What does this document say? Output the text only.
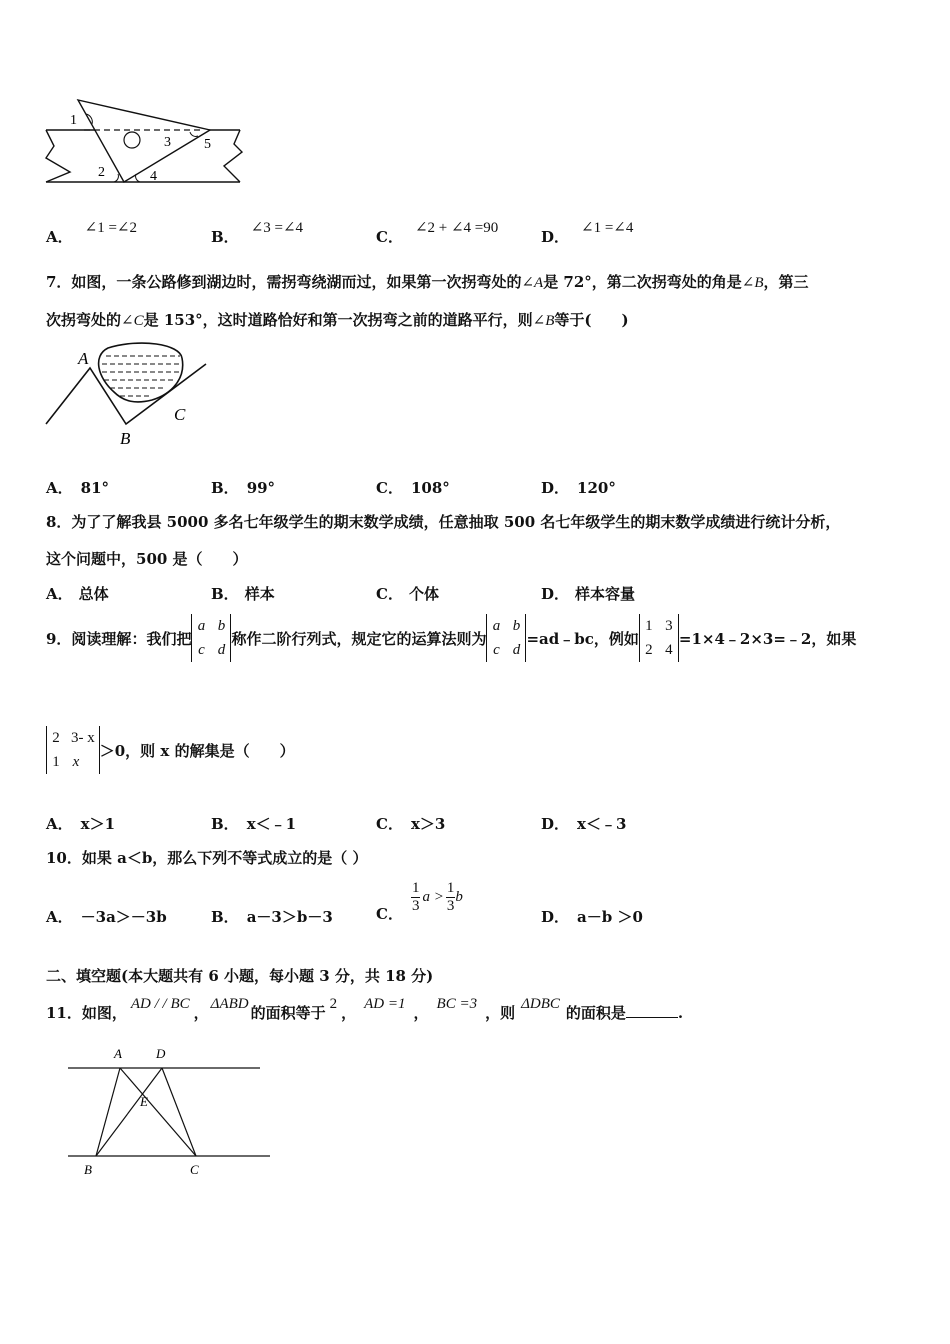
1
2
3
4
5
A． ∠1 =∠2	B． ∠3 =∠4	C． ∠2 + ∠4 =90	D． ∠1 =∠4
7．如图，一条公路修到湖边时，需拐弯绕湖而过，如果第一次拐弯处的∠A是 72°，第二次拐弯处的角是∠B，第三
次拐弯处的∠C是 153°，这时道路恰好和第一次拐弯之前的道路平行，则∠B等于(　　)
A
B
C
A． 81°	B． 99°	C． 108°	D． 120°
8．为了了解我县 5000 多名七年级学生的期末数学成绩，任意抽取 500 名七年级学生的期末数学成绩进行统计分析，
这个问题中，500 是（　　）
A． 总体	B． 样本	C． 个体	D． 样本容量
9．阅读理解：我们把
a b
c d
称作二阶行列式，规定它的运算法则为
a b
c d
=ad﹣bc，例如
1 3
2 4
=1×4﹣2×3=﹣2，如果
2 3- x
1 x
＞0，则 x 的解集是（　　）
A． x＞1	B． x＜﹣1	C． x＞3	D． x＜﹣3
10．如果 a＜b，那么下列不等式成立的是（ ）
A． －3a＞－3b	B． a－3＞b－3	C． $\frac{1}{3}$ $a > \frac{1}{3}$ b
D． a－b ＞0
二、填空题(本大题共有 6 小题，每小题 3 分，共 18 分)
11．如图， AD / / BC ， ΔABD 的面积等于 2 ， AD =1 ， BC =3 ，则 ΔDBC 的面积是	.
A	D
E
B	C
